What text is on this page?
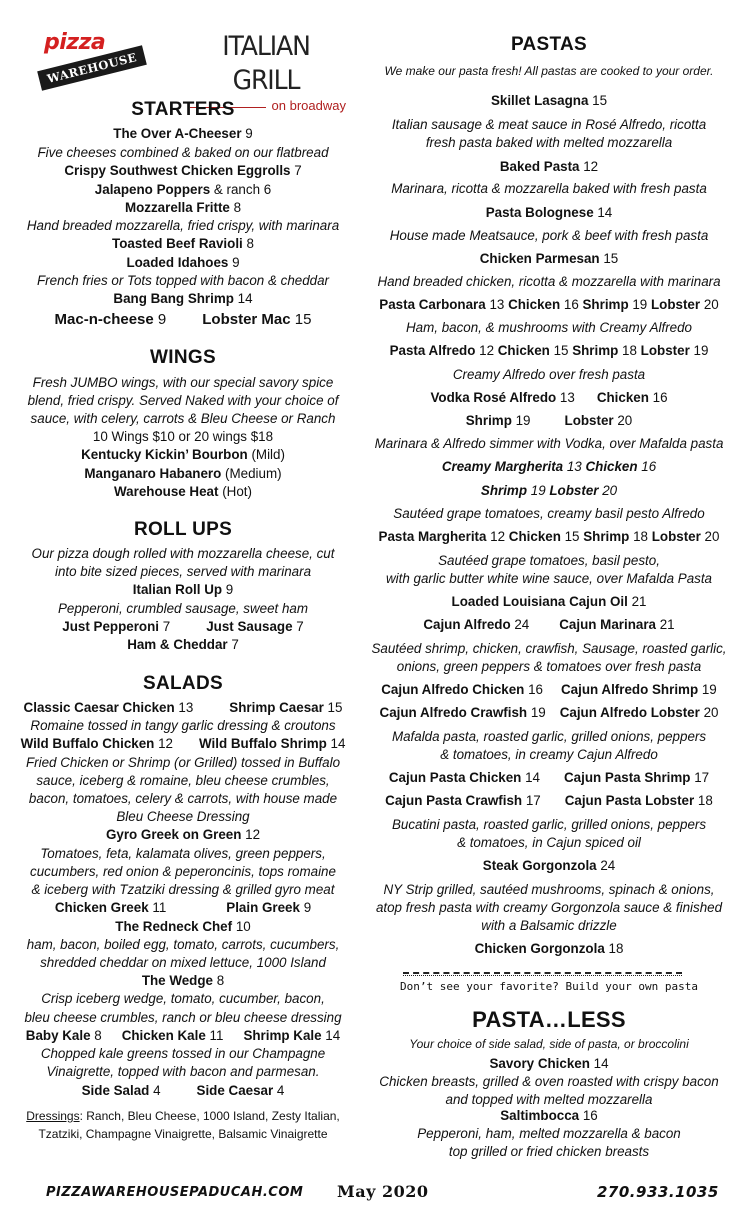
pizza
WAREHOUSE
ITALIAN GRILL
on broadway
STARTERS
The Over A-Cheeser 9
Five cheeses combined & baked on our flatbread
Crispy Southwest Chicken Eggrolls 7
Jalapeno Poppers & ranch 6
Mozzarella Fritte 8
Hand breaded mozzarella, fried crispy, with marinara
Toasted Beef Ravioli 8
Loaded Idahoes 9
French fries or Tots topped with bacon & cheddar
Bang Bang Shrimp 14
Mac-n-cheese 9 Lobster Mac 15
WINGS
Fresh JUMBO wings, with our special savory spice
blend, fried crispy. Served Naked with your choice of
sauce, with celery, carrots & Bleu Cheese or Ranch
10 Wings $10 or 20 wings $18
Kentucky Kickin’ Bourbon (Mild)
Manganaro Habanero (Medium)
Warehouse Heat (Hot)
ROLL UPS
Our pizza dough rolled with mozzarella cheese, cut
into bite sized pieces, served with marinara
Italian Roll Up 9
Pepperoni, crumbled sausage, sweet ham
Just Pepperoni 7	Just Sausage 7
Ham & Cheddar 7
SALADS
Classic Caesar Chicken 13	Shrimp Caesar 15
Romaine tossed in tangy garlic dressing & croutons
Wild Buffalo Chicken 12 Wild Buffalo Shrimp 14
Fried Chicken or Shrimp (or Grilled) tossed in Buffalo
sauce, iceberg & romaine, bleu cheese crumbles,
bacon, tomatoes, celery & carrots, with house made
Bleu Cheese Dressing
Gyro Greek on Green 12
Tomatoes, feta, kalamata olives, green peppers,
cucumbers, red onion & peperoncinis, tops romaine
& iceberg with Tzatziki dressing & grilled gyro meat
Chicken Greek 11	Plain Greek 9
The Redneck Chef 10
ham, bacon, boiled egg, tomato, carrots, cucumbers,
shredded cheddar on mixed lettuce, 1000 Island
The Wedge 8
Crisp iceberg wedge, tomato, cucumber, bacon,
bleu cheese crumbles, ranch or bleu cheese dressing
Baby Kale 8 Chicken Kale 11 Shrimp Kale 14
Chopped kale greens tossed in our Champagne
Vinaigrette, topped with bacon and parmesan.
Side Salad 4	Side Caesar 4
Dressings: Ranch, Bleu Cheese, 1000 Island, Zesty Italian,
Tzatziki, Champagne Vinaigrette, Balsamic Vinaigrette
PASTAS
We make our pasta fresh! All pastas are cooked to your order.
Skillet Lasagna 15
Italian sausage & meat sauce in Rosé Alfredo, ricotta
fresh pasta baked with melted mozzarella
Baked Pasta 12
Marinara, ricotta & mozzarella baked with fresh pasta
Pasta Bolognese 14
House made Meatsauce, pork & beef with fresh pasta
Chicken Parmesan 15
Hand breaded chicken, ricotta & mozzarella with marinara
Pasta Carbonara 13 Chicken 16 Shrimp 19 Lobster 20
Ham, bacon, & mushrooms with Creamy Alfredo
Pasta Alfredo 12 Chicken 15 Shrimp 18 Lobster 19
Creamy Alfredo over fresh pasta
Vodka Rosé Alfredo 13 Chicken 16
Shrimp 19	Lobster 20
Marinara & Alfredo simmer with Vodka, over Mafalda pasta
Creamy Margherita 13 Chicken 16
Shrimp 19 Lobster 20
Sautéed grape tomatoes, creamy basil pesto Alfredo
Pasta Margherita 12 Chicken 15 Shrimp 18 Lobster 20
Sautéed grape tomatoes, basil pesto,
with garlic butter white wine sauce, over Mafalda Pasta
Loaded Louisiana Cajun Oil 21
Cajun Alfredo 24 Cajun Marinara 21
Sautéed shrimp, chicken, crawfish, Sausage, roasted garlic,
onions, green peppers & tomatoes over fresh pasta
Cajun Alfredo Chicken 16 Cajun Alfredo Shrimp 19
Cajun Alfredo Crawfish 19 Cajun Alfredo Lobster 20
Mafalda pasta, roasted garlic, grilled onions, peppers
& tomatoes, in creamy Cajun Alfredo
Cajun Pasta Chicken 14 Cajun Pasta Shrimp 17
Cajun Pasta Crawfish 17 Cajun Pasta Lobster 18
Bucatini pasta, roasted garlic, grilled onions, peppers
& tomatoes, in Cajun spiced oil
Steak Gorgonzola 24
NY Strip grilled, sautéed mushrooms, spinach & onions,
atop fresh pasta with creamy Gorgonzola sauce & finished
with a Balsamic drizzle
Chicken Gorgonzola 18
Don’t see your favorite? Build your own pasta
PASTA…LESS
Your choice of side salad, side of pasta, or broccolini
Savory Chicken 14
Chicken breasts, grilled & oven roasted with crispy bacon
and topped with melted mozzarella
Saltimbocca 16
Pepperoni, ham, melted mozzarella & bacon
top grilled or fried chicken breasts
PIZZAWAREHOUSEPADUCAH.COM May 2020	270.933.1035
